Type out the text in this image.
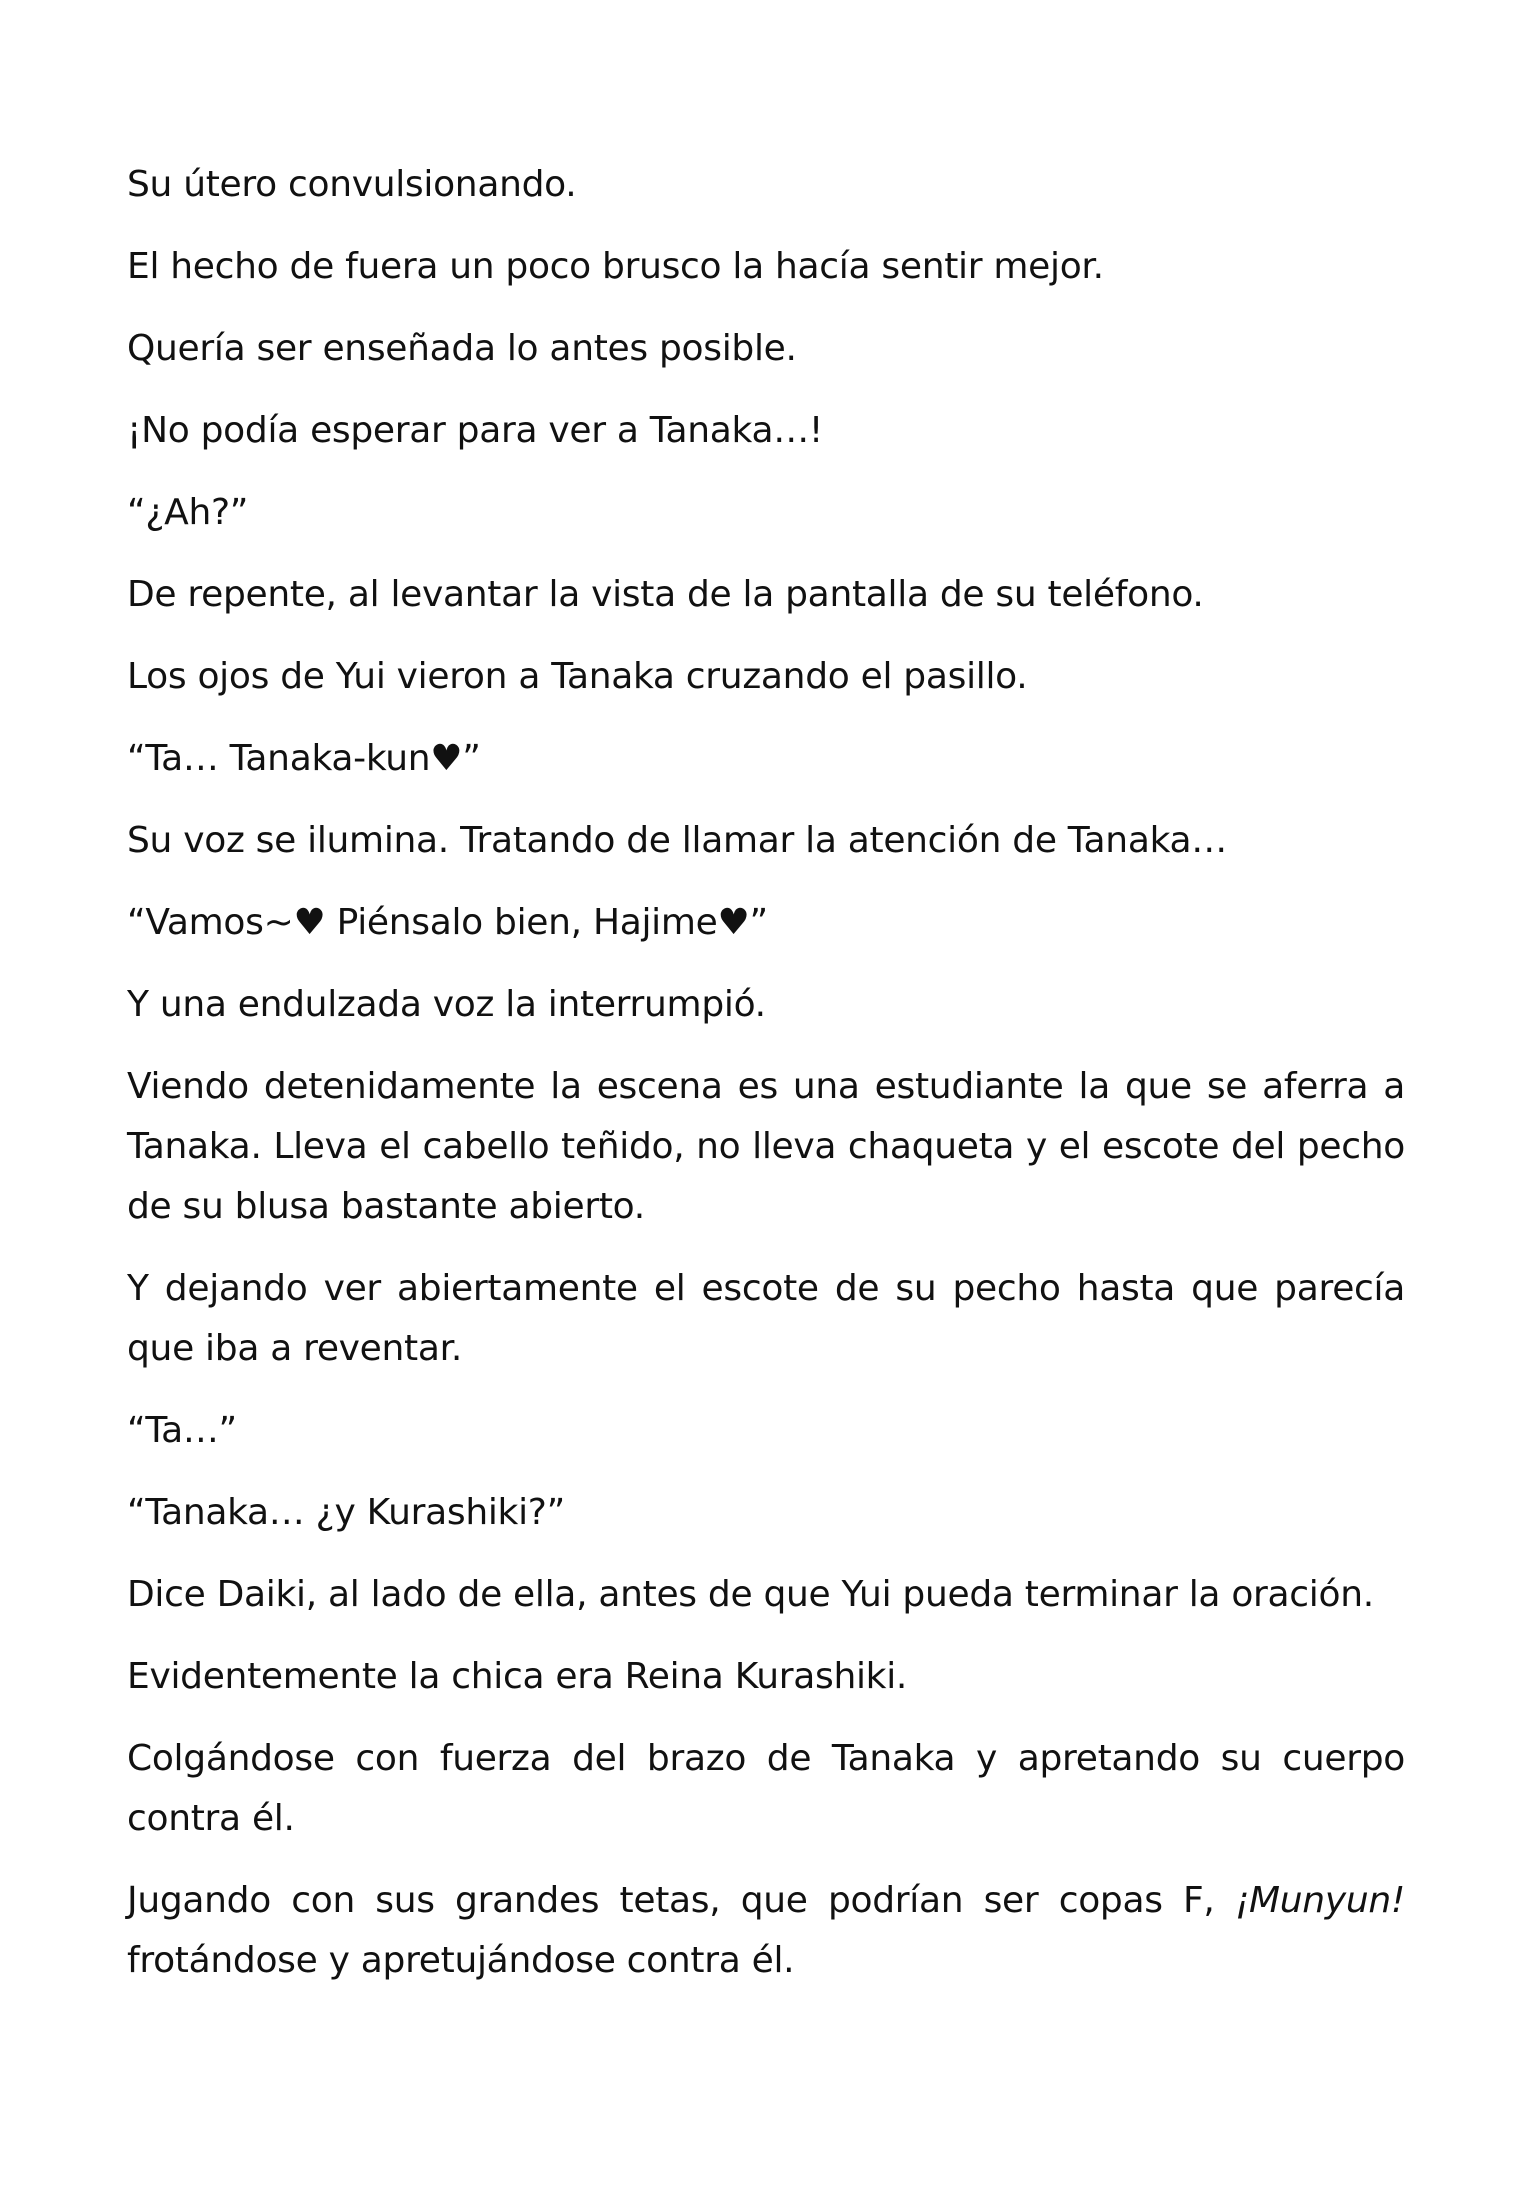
Su útero convulsionando.

El hecho de fuera un poco brusco la hacía sentir mejor.

Quería ser enseñada lo antes posible.

¡No podía esperar para ver a Tanaka…!

“¿Ah?”

De repente, al levantar la vista de la pantalla de su teléfono.

Los ojos de Yui vieron a Tanaka cruzando el pasillo.

“Ta… Tanaka-kun♥”

Su voz se ilumina. Tratando de llamar la atención de Tanaka…

“Vamos~♥ Piénsalo bien, Hajime♥”

Y una endulzada voz la interrumpió.

Viendo detenidamente la escena es una estudiante la que se aferra a Tanaka. Lleva el cabello teñido, no lleva chaqueta y el escote del pecho de su blusa bastante abierto.

Y dejando ver abiertamente el escote de su pecho hasta que parecía que iba a reventar.

“Ta…”

“Tanaka… ¿y Kurashiki?”

Dice Daiki, al lado de ella, antes de que Yui pueda terminar la oración.

Evidentemente la chica era Reina Kurashiki.

Colgándose con fuerza del brazo de Tanaka y apretando su cuerpo contra él.

Jugando con sus grandes tetas, que podrían ser copas F, ¡Munyun! frotándose y apretujándose contra él.
